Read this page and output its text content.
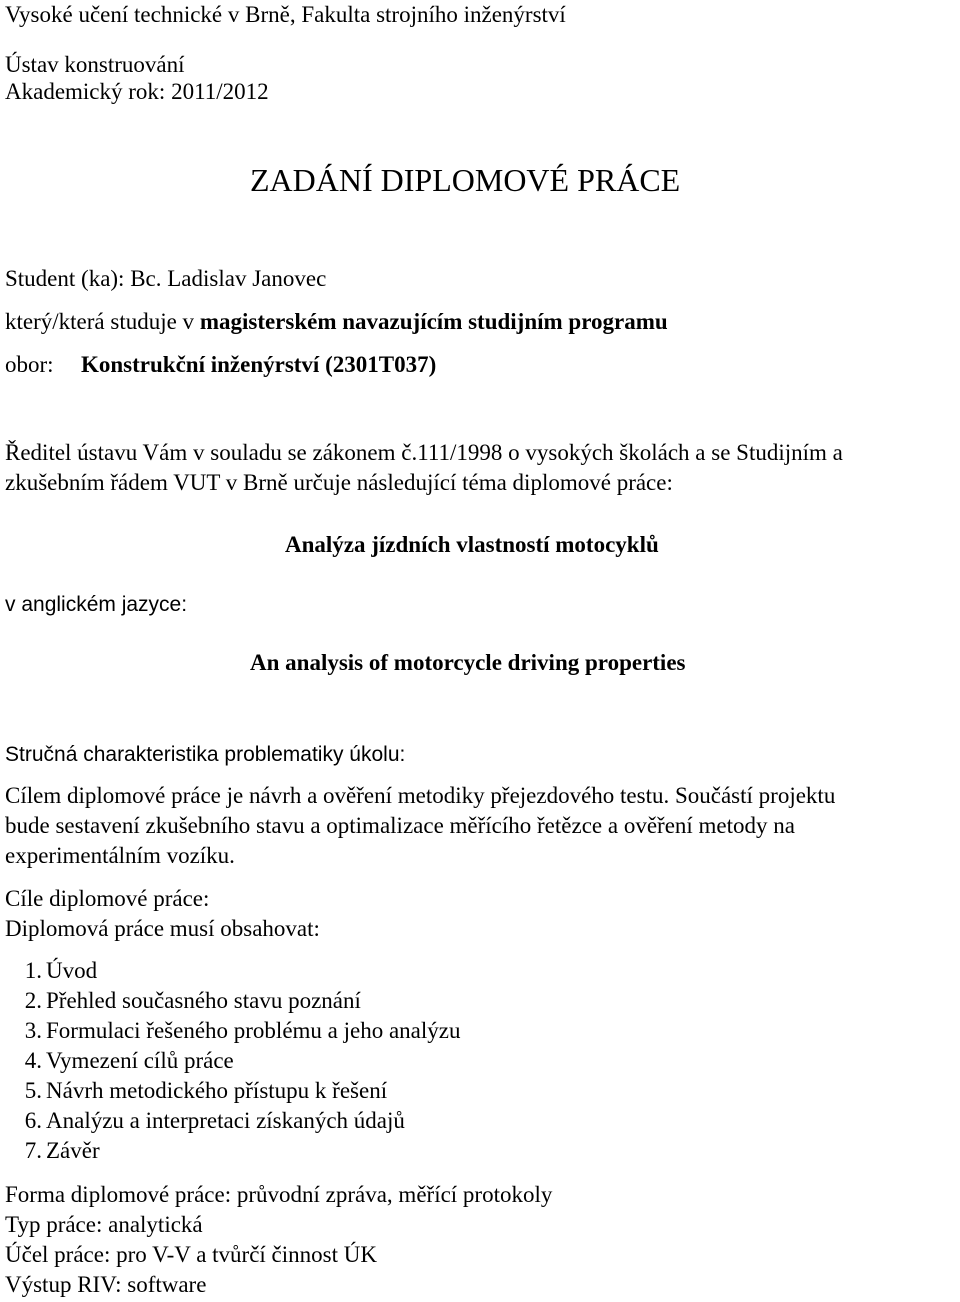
Vysoké učení technické v Brně, Fakulta strojního inženýrství
Ústav konstruování
Akademický rok: 2011/2012
ZADÁNÍ DIPLOMOVÉ PRÁCE
Student (ka): Bc. Ladislav Janovec
který/která studuje v magisterském navazujícím studijním programu
obor: Konstrukční inženýrství (2301T037)
Ředitel ústavu Vám v souladu se zákonem č.111/1998 o vysokých školách a se Studijním a
zkušebním řádem VUT v Brně určuje následující téma diplomové práce:
Analýza jízdních vlastností motocyklů
v anglickém jazyce:
An analysis of motorcycle driving properties
Stručná charakteristika problematiky úkolu:
Cílem diplomové práce je návrh a ověření metodiky přejezdového testu. Součástí projektu
bude sestavení zkušebního stavu a optimalizace měřícího řetězce a ověření metody na
experimentálním vozíku.
Cíle diplomové práce:
Diplomová práce musí obsahovat:
1. Úvod
2. Přehled současného stavu poznání
3. Formulaci řešeného problému a jeho analýzu
4. Vymezení cílů práce
5. Návrh metodického přístupu k řešení
6. Analýzu a interpretaci získaných údajů
7. Závěr
Forma diplomové práce: průvodní zpráva, měřící protokoly
Typ práce: analytická
Účel práce: pro V-V a tvůrčí činnost ÚK
Výstup RIV: software
